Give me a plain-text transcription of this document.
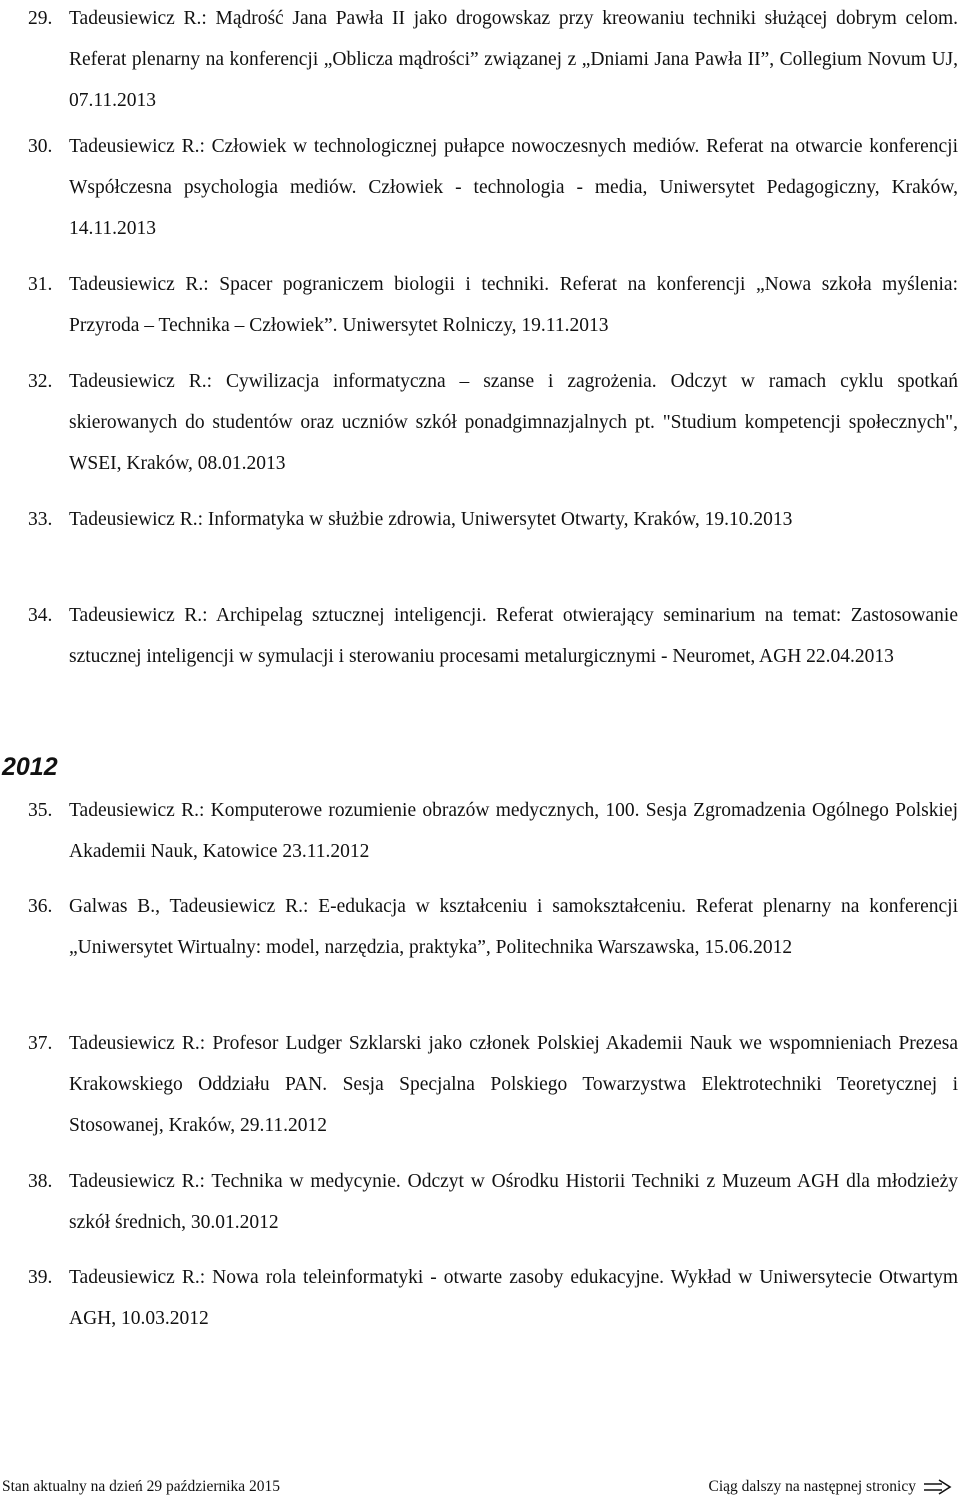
29. Tadeusiewicz R.: Mądrość Jana Pawła II jako drogowskaz przy kreowaniu techniki służącej dobrym celom. Referat plenarny na konferencji „Oblicza mądrości” związanej z „Dniami Jana Pawła II”, Collegium Novum UJ, 07.11.2013
30. Tadeusiewicz R.: Człowiek w technologicznej pułapce nowoczesnych mediów. Referat na otwarcie konferencji Współczesna psychologia mediów. Człowiek - technologia - media, Uniwersytet Pedagogiczny, Kraków, 14.11.2013
31. Tadeusiewicz R.: Spacer pograniczem biologii i techniki. Referat na konferencji „Nowa szkoła myślenia: Przyroda – Technika – Człowiek”. Uniwersytet Rolniczy, 19.11.2013
32. Tadeusiewicz R.: Cywilizacja informatyczna – szanse i zagrożenia. Odczyt w ramach cyklu spotkań skierowanych do studentów oraz uczniów szkół ponadgimnazjalnych pt. "Studium kompetencji społecznych", WSEI, Kraków, 08.01.2013
33. Tadeusiewicz R.: Informatyka w służbie zdrowia, Uniwersytet Otwarty, Kraków, 19.10.2013
34. Tadeusiewicz R.: Archipelag sztucznej inteligencji. Referat otwierający seminarium na temat: Zastosowanie sztucznej inteligencji w symulacji i sterowaniu procesami metalurgicznymi - Neuromet, AGH 22.04.2013
2012
35. Tadeusiewicz R.: Komputerowe rozumienie obrazów medycznych, 100. Sesja Zgromadzenia Ogólnego Polskiej Akademii Nauk, Katowice 23.11.2012
36. Galwas B., Tadeusiewicz R.: E-edukacja w kształceniu i samokształceniu. Referat plenarny na konferencji „Uniwersytet Wirtualny: model, narzędzia, praktyka”, Politechnika Warszawska, 15.06.2012
37. Tadeusiewicz R.: Profesor Ludger Szklarski jako członek Polskiej Akademii Nauk we wspomnieniach Prezesa Krakowskiego Oddziału PAN. Sesja Specjalna Polskiego Towarzystwa Elektrotechniki Teoretycznej i Stosowanej, Kraków, 29.11.2012
38. Tadeusiewicz R.: Technika w medycynie. Odczyt w Ośrodku Historii Techniki z Muzeum AGH dla młodzieży szkół średnich, 30.01.2012
39. Tadeusiewicz R.: Nowa rola teleinformatyki - otwarte zasoby edukacyjne. Wykład w Uniwersytecie Otwartym AGH, 10.03.2012
Stan aktualny na dzień 29 października 2015	Ciąg dalszy na następnej stronicy
